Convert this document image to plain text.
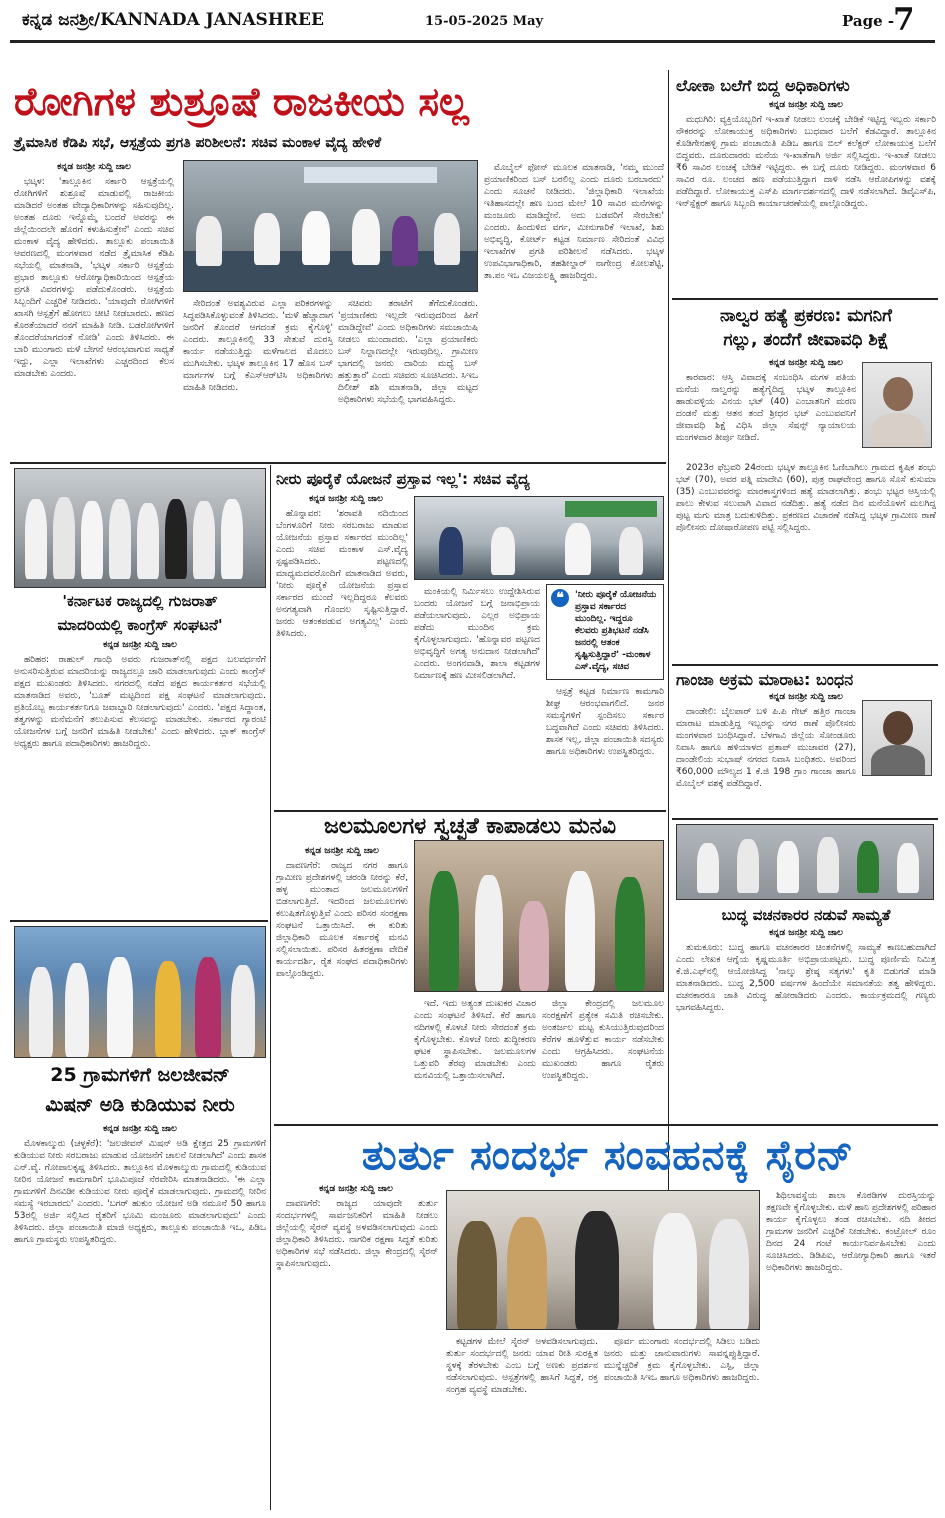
ಕನ್ನಡ ಜನಶ್ರೀ/KANNADA JANASHREE	15-05-2025 May	Page -
7
ರೋಗಿಗಳ ಶುಶ್ರೂಷೆ ರಾಜಕೀಯ ಸಲ್ಲ
ತ್ರೈಮಾಸಿಕ ಕೆಡಿಪಿ ಸಭೆ, ಆಸ್ಪತ್ರೆಯ ಪ್ರಗತಿ ಪರಿಶೀಲನೆ: ಸಚಿವ ಮಂಕಾಳ ವೈದ್ಯ ಹೇಳಿಕೆ
ಕನ್ನಡ ಜನಶ್ರೀ ಸುದ್ದಿ ಜಾಲ

ಭಟ್ಕಳ: 'ತಾಲ್ಲೂಕಿನ ಸರ್ಕಾರಿ ಆಸ್ಪತ್ರೆಯಲ್ಲಿ ರೋಗಿಗಳಿಗೆ ಶುಶ್ರೂಷೆ ಮಾಡುವಲ್ಲಿ ರಾಜಕೀಯ ಮಾಡಿದರೆ ಅಂತಹ ವೇದ್ಯಾಧಿಕಾರಿಗಳನ್ನು ಸಹಿಸುವುದಿಲ್ಲ. ಅಂತಹ ದೂರು ಇನ್ನೊಮ್ಮೆ ಬಂದರೆ ಅವರನ್ನು ಈ ಜಿಲ್ಲೆಯಿಂದಲೇ ಹೊರಗೆ ಕಳುಹಿಸುತ್ತೇನೆ' ಎಂದು ಸಚಿವ ಮಂಕಾಳ ವೈದ್ಯ ಹೇಳಿದರು. ತಾಲ್ಲೂಕು ಪಂಚಾಯಿತಿ ಆವರಣದಲ್ಲಿ ಮಂಗಳವಾರ ನಡೆದ ತ್ರೈಮಾಸಿಕ ಕೆಡಿಪಿ ಸಭೆಯಲ್ಲಿ ಮಾತನಾಡಿ, 'ಭಟ್ಕಳ ಸರ್ಕಾರಿ ಆಸ್ಪತ್ರೆಯ ಪ್ರಭಾರ ತಾಲ್ಲೂಕು ಆರೋಗ್ಯಾಧಿಕಾರಿಯಿಂದ ಆಸ್ಪತ್ರೆಯ ಪ್ರಗತಿ ವಿವರಗಳನ್ನು ಪಡೆದುಕೊಂಡರು. ಆಸ್ಪತ್ರೆಯ ಸಿಬ್ಬಂದಿಗೆ ಎಚ್ಚರಿಕೆ ನೀಡಿದರು. 'ಯಾವುದೇ ರೋಗಿಗಳಿಗೆ ಖಾಸಗಿ ಆಸ್ಪತ್ರೆಗೆ ಹೋಗಲು ಚೀಟಿ ನೀಡಬಾರದು. ಹಣದ ಕೊರತೆಯಾದರೆ ನನಗೆ ಮಾಹಿತಿ ನೀಡಿ. ಬಡರೋಗಿಗಳಿಗೆ ತೊಂದರೆಯಾಗದಂತೆ ನೋಡಿ' ಎಂದು ತಿಳಿಸಿದರು. ಈ ಬಾರಿ ಮುಂಗಾರು ಮಳೆ ಬೇಗನೆ ಆರಂಭವಾಗುವ ಸಾಧ್ಯತೆ ಇದ್ದು, ಎಲ್ಲಾ ಇಲಾಖೆಗಳು ಎಚ್ಚರದಿಂದ ಕೆಲಸ ಮಾಡಬೇಕು ಎಂದರು.

ಸೇರಿದಂತೆ ಅವಶ್ಯವಿರುವ ಎಲ್ಲಾ ಪರಿಕರಗಳನ್ನು ಸಿದ್ಧಪಡಿಸಿಕೊಳ್ಳುವಂತೆ ತಿಳಿಸಿದರು. 'ಮಳೆ ಹೆಚ್ಚಾದಾಗ ಜನರಿಗೆ ತೊಂದರೆ ಆಗದಂತೆ ಕ್ರಮ ಕೈಗೊಳ್ಳಿ' ಎಂದರು. ತಾಲ್ಲೂಕಿನಲ್ಲಿ 33 ಸೇತುವೆ ದುರಸ್ತಿ ಕಾರ್ಯ ನಡೆಯುತ್ತಿದ್ದು ಮಳೆಗಾಲದ ಮೊದಲು ಮುಗಿಸಬೇಕು. ಭಟ್ಕಳ ತಾಲ್ಲೂಕಿನ 17 ಹೊಸ ಬಸ್ ಮಾರ್ಗಗಳ ಬಗ್ಗೆ ಕೆಎಸ್‌ಆರ್‌ಟಿಸಿ ಅಧಿಕಾರಿಗಳು ಮಾಹಿತಿ ನೀಡಿದರು.

ಸಚಿವರು ತರಾಟೆಗೆ ತೆಗೆದುಕೊಂಡರು. 'ಪ್ರಯಾಣಿಕರು ಇಲ್ಲದೇ ಇರುವುದರಿಂದ ಹೀಗೆ ಮಾಡಿದ್ದೇವೆ' ಎಂದು ಅಧಿಕಾರಿಗಳು ಸಮಜಾಯಿಷಿ ನೀಡಲು ಮುಂದಾದರು. 'ಎಲ್ಲಾ ಪ್ರಯಾಣಿಕರು ಬಸ್ ನಿಲ್ದಾಣದಲ್ಲೇ ಇರುವುದಿಲ್ಲ. ಗ್ರಾಮೀಣ ಭಾಗದಲ್ಲಿ ಜನರು ದಾರಿಯ ಮಧ್ಯೆ ಬಸ್ ಹತ್ತುತ್ತಾರೆ' ಎಂದು ಸಚಿವರು ಸೂಚಿಸಿದರು. ಸಿಇಒ ದಿಲೀಶ್ ಶಶಿ ಮಾತನಾಡಿ, ಜಿಲ್ಲಾ ಮಟ್ಟದ ಅಧಿಕಾರಿಗಳು ಸಭೆಯಲ್ಲಿ ಭಾಗವಹಿಸಿದ್ದರು.

ಮೊಬೈಲ್ ಫೋನ್ ಮೂಲಕ ಮಾತನಾಡಿ, 'ನಮ್ಮ ಮುಂದೆ ಪ್ರಯಾಣಿಕರಿಂದ ಬಸ್ ಬರಲಿಲ್ಲ ಎಂದು ದೂರು ಬರಬಾರದು' ಎಂದು ಸೂಚನೆ ನೀಡಿದರು. 'ಜಿಲ್ಲಾಧಿಕಾರಿ ಇಲಾಖೆಯ ಇತಿಹಾಸದಲ್ಲೇ ಹಣ ಬಂದ ಮೇಲೆ 10 ಸಾವಿರ ಮನೆಗಳನ್ನು ಮಂಜೂರು ಮಾಡಿದ್ದೇನೆ. ಅದು ಬಡವರಿಗೆ ಸೇರಬೇಕು' ಎಂದರು. ಹಿಂದುಳಿದ ವರ್ಗ, ಮೀನುಗಾರಿಕೆ ಇಲಾಖೆ, ಶಿಶು ಅಭಿವೃದ್ಧಿ, ಕೋರ್ಟ್ ಕಟ್ಟಡ ನಿರ್ಮಾಣ ಸೇರಿದಂತೆ ವಿವಿಧ ಇಲಾಖೆಗಳ ಪ್ರಗತಿ ಪರಿಶೀಲನೆ ನಡೆಸಿದರು. ಭಟ್ಕಳ ಉಪವಿಭಾಗಾಧಿಕಾರಿ, ತಹಶೀಲ್ದಾರ್ ನಾಗೇಂದ್ರ ಕೋಲಶೆಟ್ಟಿ, ತಾ.ಪಂ ಇಒ ವಿಜಯಲಕ್ಷ್ಮಿ ಹಾಜರಿದ್ದರು.

ಲೋಕಾ ಬಲೆಗೆ ಬಿದ್ದ ಅಧಿಕಾರಿಗಳು
ಕನ್ನಡ ಜನಶ್ರೀ ಸುದ್ದಿ ಜಾಲ

ಮಧುಗಿರಿ: ವ್ಯಕ್ತಿಯೊಬ್ಬರಿಗೆ ಇ-ಖಾತೆ ನೀಡಲು ಲಂಚಕ್ಕೆ ಬೇಡಿಕೆ ಇಟ್ಟಿದ್ದ ಇಬ್ಬರು ಸರ್ಕಾರಿ ನೌಕರರನ್ನು ಲೋಕಾಯುಕ್ತ ಅಧಿಕಾರಿಗಳು ಬುಧವಾರ ಬಲೆಗೆ ಕೆಡವಿದ್ದಾರೆ. ತಾಲ್ಲೂಕಿನ ಕೊಡಿಗೇನಹಳ್ಳಿ ಗ್ರಾಮ ಪಂಚಾಯಿತಿ ಪಿಡಿಒ ಹಾಗೂ ಬಿಲ್ ಕಲೆಕ್ಟರ್ ಲೋಕಾಯುಕ್ತ ಬಲೆಗೆ ಬಿದ್ದವರು. ದೂರುದಾರರು ಮನೆಯ ಇ-ಖಾತೆಗಾಗಿ ಅರ್ಜಿ ಸಲ್ಲಿಸಿದ್ದರು. ಇ-ಖಾತೆ ನೀಡಲು ₹6 ಸಾವಿರ ಲಂಚಕ್ಕೆ ಬೇಡಿಕೆ ಇಟ್ಟಿದ್ದರು. ಈ ಬಗ್ಗೆ ದೂರು ನೀಡಿದ್ದರು. ಮಂಗಳವಾರ 6 ಸಾವಿರ ರೂ. ಲಂಚದ ಹಣ ಪಡೆಯುತ್ತಿದ್ದಾಗ ದಾಳಿ ನಡೆಸಿ ಆರೋಪಿಗಳನ್ನು ವಶಕ್ಕೆ ಪಡೆದಿದ್ದಾರೆ. ಲೋಕಾಯುಕ್ತ ಎಸ್‌ಪಿ ಮಾರ್ಗದರ್ಶನದಲ್ಲಿ ದಾಳಿ ನಡೆಸಲಾಗಿದೆ. ಡಿವೈಎಸ್‌ಪಿ, ಇನ್‌ಸ್ಪೆಕ್ಟರ್ ಹಾಗೂ ಸಿಬ್ಬಂದಿ ಕಾರ್ಯಾಚರಣೆಯಲ್ಲಿ ಪಾಲ್ಗೊಂಡಿದ್ದರು.

ನಾಲ್ವರ ಹತ್ಯೆ ಪ್ರಕರಣ: ಮಗನಿಗೆ
ಗಲ್ಲು, ತಂದೆಗೆ ಜೀವಾವಧಿ ಶಿಕ್ಷೆ
ಕನ್ನಡ ಜನಶ್ರೀ ಸುದ್ದಿ ಜಾಲ

ಕಾರವಾರ: ಆಸ್ತಿ ವಿವಾದಕ್ಕೆ ಸಂಬಂಧಿಸಿ ಮಗಳ ಪತಿಯ ಮನೆಯ ನಾಲ್ವರನ್ನು ಹತ್ಯೆಗೈದಿದ್ದ ಭಟ್ಕಳ ತಾಲ್ಲೂಕಿನ ಹಾಡುವಳ್ಳಿಯ ವಿನಯ ಭಟ್ (40) ಎಂಬಾತನಿಗೆ ಮರಣ ದಂಡನೆ ಮತ್ತು ಆತನ ತಂದೆ ಶ್ರೀಧರ ಭಟ್ ಎಂಬುವವನಿಗೆ ಜೀವಾವಧಿ ಶಿಕ್ಷೆ ವಿಧಿಸಿ ಜಿಲ್ಲಾ ಸೆಷನ್ಸ್ ನ್ಯಾಯಾಲಯ ಮಂಗಳವಾರ ತೀರ್ಪು ನೀಡಿದೆ.

2023ರ ಫೆಬ್ರವರಿ 24ರಂದು ಭಟ್ಕಳ ತಾಲ್ಲೂಕಿನ ಓಣಿಬಾಗಿಲು ಗ್ರಾಮದ ಕೃಷಿಕ ಶಂಭು ಭಟ್ (70), ಅವರ ಪತ್ನಿ ಮಾದೇವಿ (60), ಪುತ್ರ ರಾಘವೇಂದ್ರ ಹಾಗೂ ಸೊಸೆ ಕುಸುಮಾ (35) ಎಂಬುವವರನ್ನು ಮಾರಕಾಸ್ತ್ರಗಳಿಂದ ಹತ್ಯೆ ಮಾಡಲಾಗಿತ್ತು. ಶಂಭು ಭಟ್ಟರ ಆಸ್ತಿಯಲ್ಲಿ ಪಾಲು ಕೇಳುವ ಸಲುವಾಗಿ ವಿವಾದ ನಡೆದಿತ್ತು. ಹತ್ಯೆ ನಡೆದ ದಿನ ಮನೆಯೊಳಗೆ ಮಲಗಿದ್ದ ಪುಟ್ಟ ಮಗು ಮಾತ್ರ ಬದುಕುಳಿದಿತ್ತು. ಪ್ರಕರಣದ ವಿಚಾರಣೆ ನಡೆಸಿದ್ದ ಭಟ್ಕಳ ಗ್ರಾಮೀಣ ಠಾಣೆ ಪೊಲೀಸರು ದೋಷಾರೋಪಣ ಪಟ್ಟಿ ಸಲ್ಲಿಸಿದ್ದರು.

ಗಾಂಜಾ ಅಕ್ರಮ ಮಾರಾಟ: ಬಂಧನ
ಕನ್ನಡ ಜನಶ್ರೀ ಸುದ್ದಿ ಜಾಲ

ದಾಂಡೇಲಿ: ಬೈಲಪಾರ್ ಬಳಿ ಪಿ.ಪಿ ಗೇಟ್ ಹತ್ತಿರ ಗಾಂಜಾ ಮಾರಾಟ ಮಾಡುತ್ತಿದ್ದ ಇಬ್ಬರನ್ನು ನಗರ ಠಾಣೆ ಪೊಲೀಸರು ಮಂಗಳವಾರ ಬಂಧಿಸಿದ್ದಾರೆ. ಬೆಳಗಾವಿ ಜಿಲ್ಲೆಯ ಸೋಂಡೂರು ನಿವಾಸಿ ಹಾಗೂ ಹಳಿಯಾಳದ ಪ್ರತಾಪ್ ಮುಜಾವರ (27), ದಾಂಡೇಲಿಯ ಸುಭಾಷ್ ನಗರದ ನಿವಾಸಿ ಬಂಧಿತರು. ಅವರಿಂದ ₹60,000 ಮೌಲ್ಯದ 1 ಕೆ.ಜಿ 198 ಗ್ರಾಂ ಗಾಂಜಾ ಹಾಗೂ ಮೊಬೈಲ್ ವಶಕ್ಕೆ ಪಡೆದಿದ್ದಾರೆ.

ಬುದ್ಧ ವಚನಕಾರರ ನಡುವೆ ಸಾಮ್ಯತೆ
ಕನ್ನಡ ಜನಶ್ರೀ ಸುದ್ದಿ ಜಾಲ

ತುಮಕೂರು: ಬುದ್ಧ ಹಾಗೂ ವಚನಕಾರರ ಚಿಂತನೆಗಳಲ್ಲಿ ಸಾಮ್ಯತೆ ಕಾಣಬಹುದಾಗಿದೆ ಎಂದು ಲೇಖಕ ಆಗ್ನೆಯ ಕೃಷ್ಣಮೂರ್ತಿ ಅಭಿಪ್ರಾಯಪಟ್ಟರು. ಬುದ್ಧ ಪೂರ್ಣಿಮೆ ನಿಮಿತ್ತ ಕೆ.ಜಿ.ಎಫ್‌ನಲ್ಲಿ ಆಯೋಜಿಸಿದ್ದ 'ನಾಲ್ಕು ಶ್ರೇಷ್ಠ ಸತ್ಯಗಳು' ಕೃತಿ ಬಿಡುಗಡೆ ಮಾಡಿ ಮಾತನಾಡಿದರು. ಬುದ್ಧ 2,500 ವರ್ಷಗಳ ಹಿಂದೆಯೇ ಸಮಾನತೆಯ ತತ್ವ ಹೇಳಿದ್ದರು. ವಚನಕಾರರೂ ಜಾತಿ ವಿರುದ್ಧ ಹೋರಾಡಿದರು ಎಂದರು. ಕಾರ್ಯಕ್ರಮದಲ್ಲಿ ಗಣ್ಯರು ಭಾಗವಹಿಸಿದ್ದರು.

'ಕರ್ನಾಟಕ ರಾಜ್ಯದಲ್ಲಿ ಗುಜರಾತ್
ಮಾದರಿಯಲ್ಲಿ ಕಾಂಗ್ರೆಸ್ ಸಂಘಟನೆ'
ಕನ್ನಡ ಜನಶ್ರೀ ಸುದ್ದಿ ಜಾಲ

ಹರಿಹರ: ರಾಹುಲ್ ಗಾಂಧಿ ಅವರು ಗುಜರಾತ್‌ನಲ್ಲಿ ಪಕ್ಷದ ಬಲವರ್ಧನೆಗೆ ಅನುಸರಿಸುತ್ತಿರುವ ಮಾದರಿಯನ್ನು ರಾಜ್ಯದಲ್ಲೂ ಜಾರಿ ಮಾಡಲಾಗುವುದು ಎಂದು ಕಾಂಗ್ರೆಸ್ ಪಕ್ಷದ ಮುಖಂಡರು ತಿಳಿಸಿದರು. ನಗರದಲ್ಲಿ ನಡೆದ ಪಕ್ಷದ ಕಾರ್ಯಕರ್ತರ ಸಭೆಯಲ್ಲಿ ಮಾತನಾಡಿದ ಅವರು, 'ಬೂತ್ ಮಟ್ಟದಿಂದ ಪಕ್ಷ ಸಂಘಟನೆ ಮಾಡಲಾಗುವುದು. ಪ್ರತಿಯೊಬ್ಬ ಕಾರ್ಯಕರ್ತನಿಗೂ ಜವಾಬ್ದಾರಿ ನೀಡಲಾಗುವುದು' ಎಂದರು. 'ಪಕ್ಷದ ಸಿದ್ಧಾಂತ, ತತ್ವಗಳನ್ನು ಮನೆಮನೆಗೆ ತಲುಪಿಸುವ ಕೆಲಸವನ್ನು ಮಾಡಬೇಕು. ಸರ್ಕಾರದ ಗ್ಯಾರಂಟಿ ಯೋಜನೆಗಳ ಬಗ್ಗೆ ಜನರಿಗೆ ಮಾಹಿತಿ ನೀಡಬೇಕು' ಎಂದು ಹೇಳಿದರು. ಬ್ಲಾಕ್ ಕಾಂಗ್ರೆಸ್ ಅಧ್ಯಕ್ಷರು ಹಾಗೂ ಪದಾಧಿಕಾರಿಗಳು ಹಾಜರಿದ್ದರು.

25 ಗ್ರಾಮಗಳಿಗೆ ಜಲಜೀವನ್
ಮಿಷನ್ ಅಡಿ ಕುಡಿಯುವ ನೀರು
ಕನ್ನಡ ಜನಶ್ರೀ ಸುದ್ದಿ ಜಾಲ

ಮೊಳಕಾಲ್ಮುರು (ಚಳ್ಳಕೆರೆ): 'ಜಲಜೀವನ್ ಮಿಷನ್ ಅಡಿ ಕ್ಷೇತ್ರದ 25 ಗ್ರಾಮಗಳಿಗೆ ಕುಡಿಯುವ ನೀರು ಸರಬರಾಜು ಮಾಡುವ ಯೋಜನೆಗೆ ಚಾಲನೆ ನೀಡಲಾಗಿದೆ' ಎಂದು ಶಾಸಕ ಎನ್.ವೈ. ಗೋಪಾಲಕೃಷ್ಣ ತಿಳಿಸಿದರು. ತಾಲ್ಲೂಕಿನ ಮೊಳಕಾಲ್ಮುರು ಗ್ರಾಮದಲ್ಲಿ ಕುಡಿಯುವ ನೀರಿನ ಯೋಜನೆ ಕಾಮಗಾರಿಗೆ ಭೂಮಿಪೂಜೆ ನೆರವೇರಿಸಿ ಮಾತನಾಡಿದರು. 'ಈ ಎಲ್ಲಾ ಗ್ರಾಮಗಳಿಗೆ ದಿನವಿಡೀ ಕುಡಿಯುವ ನೀರು ಪೂರೈಕೆ ಮಾಡಲಾಗುವುದು. ಗ್ರಾಮದಲ್ಲಿ ನೀರಿನ ಸಮಸ್ಯೆ ಇರಬಾರದು' ಎಂದರು. 'ಬಗರ್ ಹುಕುಂ ಯೋಜನೆ ಅಡಿ ನಮೂನೆ 50 ಹಾಗೂ 53ರಲ್ಲಿ ಅರ್ಜಿ ಸಲ್ಲಿಸಿದ ರೈತರಿಗೆ ಭೂಮಿ ಮಂಜೂರು ಮಾಡಲಾಗುವುದು' ಎಂದು ತಿಳಿಸಿದರು. ಜಿಲ್ಲಾ ಪಂಚಾಯಿತಿ ಮಾಜಿ ಅಧ್ಯಕ್ಷರು, ತಾಲ್ಲೂಕು ಪಂಚಾಯಿತಿ ಇಒ, ಪಿಡಿಒ ಹಾಗೂ ಗ್ರಾಮಸ್ಥರು ಉಪಸ್ಥಿತರಿದ್ದರು.

ನೀರು ಪೂರೈಕೆ ಯೋಜನೆ ಪ್ರಸ್ತಾವ ಇಲ್ಲ': ಸಚಿವ ವೈದ್ಯ
ಕನ್ನಡ ಜನಶ್ರೀ ಸುದ್ದಿ ಜಾಲ

ಹೊನ್ನಾವರ: 'ಶರಾವತಿ ನದಿಯಿಂದ ಬೆಂಗಳೂರಿಗೆ ನೀರು ಸರಬರಾಜು ಮಾಡುವ ಯೋಜನೆಯ ಪ್ರಸ್ತಾವ ಸರ್ಕಾರದ ಮುಂದಿಲ್ಲ' ಎಂದು ಸಚಿವ ಮಂಕಾಳ ಎಸ್.ವೈದ್ಯ ಸ್ಪಷ್ಟಪಡಿಸಿದರು. ಪಟ್ಟಣದಲ್ಲಿ ಮಾಧ್ಯಮದವರೊಂದಿಗೆ ಮಾತನಾಡಿದ ಅವರು, 'ನೀರು ಪೂರೈಕೆ ಯೋಜನೆಯ ಪ್ರಸ್ತಾವ ಸರ್ಕಾರದ ಮುಂದೆ ಇಲ್ಲದಿದ್ದರೂ ಕೆಲವರು ಅನಗತ್ಯವಾಗಿ ಗೊಂದಲ ಸೃಷ್ಟಿಸುತ್ತಿದ್ದಾರೆ. ಜನರು ಆತಂಕಪಡುವ ಅಗತ್ಯವಿಲ್ಲ' ಎಂದು ತಿಳಿಸಿದರು.

ಮಂಕಿಯಲ್ಲಿ ನಿರ್ಮಿಸಲು ಉದ್ದೇಶಿಸಿರುವ ಬಂದರು ಯೋಜನೆ ಬಗ್ಗೆ ಜನಾಭಿಪ್ರಾಯ ಪಡೆಯಲಾಗುವುದು. ಎಲ್ಲರ ಅಭಿಪ್ರಾಯ ಪಡೆದು ಮುಂದಿನ ಕ್ರಮ ಕೈಗೊಳ್ಳಲಾಗುವುದು. 'ಹೊನ್ನಾವರ ಪಟ್ಟಣದ ಅಭಿವೃದ್ಧಿಗೆ ಅಗತ್ಯ ಅನುದಾನ ನೀಡಲಾಗಿದೆ' ಎಂದರು. ಅಂಗನವಾಡಿ, ಶಾಲಾ ಕಟ್ಟಡಗಳ ನಿರ್ಮಾಣಕ್ಕೆ ಹಣ ಮೀಸಲಿಡಲಾಗಿದೆ.

❝	'ನೀರು ಪೂರೈಕೆ ಯೋಜನೆಯ ಪ್ರಸ್ತಾವ ಸರ್ಕಾರದ ಮುಂದಿಲ್ಲ. ಇದ್ದರೂ ಕೆಲವರು ಪ್ರತಿಭಟನೆ ನಡೆಸಿ ಜನರಲ್ಲಿ ಆತಂಕ ಸೃಷ್ಟಿಸುತ್ತಿದ್ದಾರೆ' -ಮಂಕಾಳ ಎಸ್.ವೈದ್ಯ, ಸಚಿವ

ಆಸ್ಪತ್ರೆ ಕಟ್ಟಡ ನಿರ್ಮಾಣ ಕಾಮಗಾರಿ ಶೀಘ್ರ ಆರಂಭವಾಗಲಿದೆ. ಜನರ ಸಮಸ್ಯೆಗಳಿಗೆ ಸ್ಪಂದಿಸಲು ಸರ್ಕಾರ ಬದ್ಧವಾಗಿದೆ ಎಂದು ಸಚಿವರು ತಿಳಿಸಿದರು. ಶಾಸಕ ಇಲ್ಲ, ಜಿಲ್ಲಾ ಪಂಚಾಯಿತಿ ಸದಸ್ಯರು ಹಾಗೂ ಅಧಿಕಾರಿಗಳು ಉಪಸ್ಥಿತರಿದ್ದರು.

ಜಲಮೂಲಗಳ ಸ್ವಚ್ಛತೆ ಕಾಪಾಡಲು ಮನವಿ
ಕನ್ನಡ ಜನಶ್ರೀ ಸುದ್ದಿ ಜಾಲ

ದಾವಣಗೆರೆ: ರಾಜ್ಯದ ನಗರ ಹಾಗೂ ಗ್ರಾಮೀಣ ಪ್ರದೇಶಗಳಲ್ಲಿ ಚರಂಡಿ ನೀರನ್ನು ಕೆರೆ, ಹಳ್ಳ ಮುಂತಾದ ಜಲಮೂಲಗಳಿಗೆ ಬಿಡಲಾಗುತ್ತಿದೆ. ಇದರಿಂದ ಜಲಮೂಲಗಳು ಕಲುಷಿತಗೊಳ್ಳುತ್ತಿವೆ ಎಂದು ಪರಿಸರ ಸಂರಕ್ಷಣಾ ಸಂಘಟನೆ ಒತ್ತಾಯಿಸಿದೆ. ಈ ಕುರಿತು ಜಿಲ್ಲಾಧಿಕಾರಿ ಮೂಲಕ ಸರ್ಕಾರಕ್ಕೆ ಮನವಿ ಸಲ್ಲಿಸಲಾಯಿತು. ಪರಿಸರ ಹಿತರಕ್ಷಣಾ ವೇದಿಕೆ ಕಾರ್ಯದರ್ಶಿ, ರೈತ ಸಂಘದ ಪದಾಧಿಕಾರಿಗಳು ಪಾಲ್ಗೊಂಡಿದ್ದರು.

ಇದೆ. ಇದು ಅತ್ಯಂತ ದುಃಖಕರ ವಿಚಾರ ಎಂದು ಸಂಘಟನೆ ತಿಳಿಸಿದೆ. ಕೆರೆ ಹಾಗೂ ನದಿಗಳಲ್ಲಿ ಕೊಳಚೆ ನೀರು ಸೇರದಂತೆ ಕ್ರಮ ಕೈಗೊಳ್ಳಬೇಕು. ಕೊಳಚೆ ನೀರು ಶುದ್ಧೀಕರಣ ಘಟಕ ಸ್ಥಾಪಿಸಬೇಕು. ಜಲಮೂಲಗಳ ಒತ್ತುವರಿ ತೆರವು ಮಾಡಬೇಕು ಎಂದು ಮನವಿಯಲ್ಲಿ ಒತ್ತಾಯಿಸಲಾಗಿದೆ.

ಜಿಲ್ಲಾ ಕೇಂದ್ರದಲ್ಲಿ ಜಲಮೂಲ ಸಂರಕ್ಷಣೆಗೆ ಪ್ರತ್ಯೇಕ ಸಮಿತಿ ರಚಿಸಬೇಕು. ಅಂತರ್ಜಲ ಮಟ್ಟ ಕುಸಿಯುತ್ತಿರುವುದರಿಂದ ಕೆರೆಗಳ ಹೂಳೆತ್ತುವ ಕಾರ್ಯ ನಡೆಸಬೇಕು ಎಂದು ಆಗ್ರಹಿಸಿದರು. ಸಂಘಟನೆಯ ಮುಖಂಡರು ಹಾಗೂ ರೈತರು ಉಪಸ್ಥಿತರಿದ್ದರು.

ತುರ್ತು ಸಂದರ್ಭ ಸಂವಹನಕ್ಕೆ ಸೈರನ್
ಕನ್ನಡ ಜನಶ್ರೀ ಸುದ್ದಿ ಜಾಲ

ದಾವಣಗೆರೆ: ರಾಜ್ಯದ ಯಾವುದೇ ತುರ್ತು ಸಂದರ್ಭಗಳಲ್ಲಿ ಸಾರ್ವಜನಿಕರಿಗೆ ಮಾಹಿತಿ ನೀಡಲು ಜಿಲ್ಲೆಯಲ್ಲಿ ಸೈರನ್ ವ್ಯವಸ್ಥೆ ಅಳವಡಿಸಲಾಗುವುದು ಎಂದು ಜಿಲ್ಲಾಧಿಕಾರಿ ತಿಳಿಸಿದರು. ನಾಗರಿಕ ರಕ್ಷಣಾ ಸಿದ್ಧತೆ ಕುರಿತು ಅಧಿಕಾರಿಗಳ ಸಭೆ ನಡೆಸಿದರು. ಜಿಲ್ಲಾ ಕೇಂದ್ರದಲ್ಲಿ ಸೈರನ್ ಸ್ಥಾಪಿಸಲಾಗುವುದು.

ಕಟ್ಟಡಗಳ ಮೇಲೆ ಸೈರನ್ ಅಳವಡಿಸಲಾಗುವುದು. ತುರ್ತು ಸಂದರ್ಭದಲ್ಲಿ ಜನರು ಯಾವ ರೀತಿ ಸುರಕ್ಷಿತ ಸ್ಥಳಕ್ಕೆ ತೆರಳಬೇಕು ಎಂಬ ಬಗ್ಗೆ ಅಣಕು ಪ್ರದರ್ಶನ ನಡೆಸಲಾಗುವುದು. ಆಸ್ಪತ್ರೆಗಳಲ್ಲಿ ಹಾಸಿಗೆ ಸಿದ್ಧತೆ, ರಕ್ತ ಸಂಗ್ರಹ ವ್ಯವಸ್ಥೆ ಮಾಡಬೇಕು.

ಪೂರ್ವ ಮುಂಗಾರು ಸಂದರ್ಭದಲ್ಲಿ ಸಿಡಿಲು ಬಡಿದು ಜನರು ಮತ್ತು ಜಾನುವಾರುಗಳು ಸಾವನ್ನಪ್ಪುತ್ತಿದ್ದಾರೆ. ಮುನ್ನೆಚ್ಚರಿಕೆ ಕ್ರಮ ಕೈಗೊಳ್ಳಬೇಕು. ಎಸ್ಪಿ, ಜಿಲ್ಲಾ ಪಂಚಾಯಿತಿ ಸಿಇಒ ಹಾಗೂ ಅಧಿಕಾರಿಗಳು ಹಾಜರಿದ್ದರು.

ಶಿಥಿಲಾವಸ್ಥೆಯ ಶಾಲಾ ಕೊಠಡಿಗಳ ದುರಸ್ತಿಯನ್ನು ತಕ್ಷಣವೇ ಕೈಗೊಳ್ಳಬೇಕು. ಮಳೆ ಹಾನಿ ಪ್ರದೇಶಗಳಲ್ಲಿ ಪರಿಹಾರ ಕಾರ್ಯ ಕೈಗೊಳ್ಳಲು ತಂಡ ರಚಿಸಬೇಕು. ನದಿ ತೀರದ ಗ್ರಾಮಗಳ ಜನರಿಗೆ ಎಚ್ಚರಿಕೆ ನೀಡಬೇಕು. ಕಂಟ್ರೋಲ್ ರೂಂ ದಿನದ 24 ಗಂಟೆ ಕಾರ್ಯನಿರ್ವಹಿಸಬೇಕು ಎಂದು ಸೂಚಿಸಿದರು. ಡಿಡಿಪಿಐ, ಆರೋಗ್ಯಾಧಿಕಾರಿ ಹಾಗೂ ಇತರೆ ಅಧಿಕಾರಿಗಳು ಹಾಜರಿದ್ದರು.
